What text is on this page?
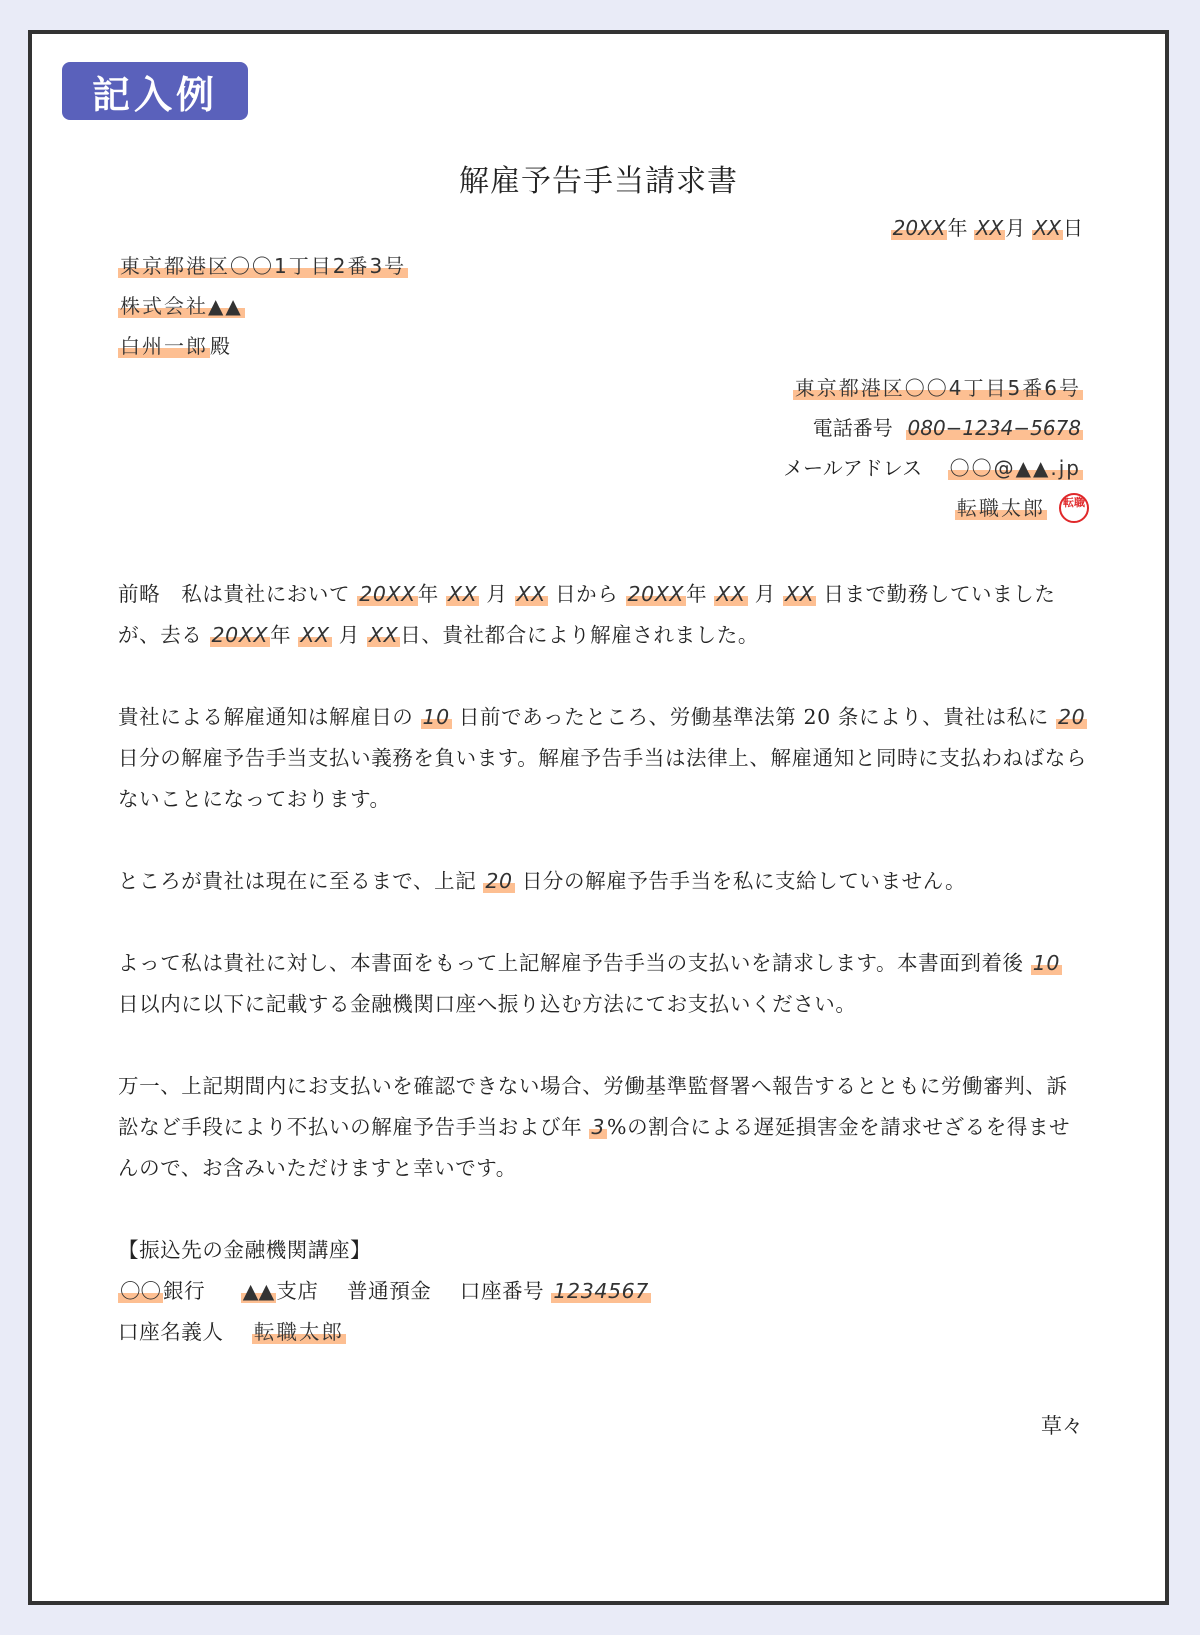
記入例
解雇予告手当請求書
20XX 年 XX 月 XX 日
東京都港区〇〇1丁目2番3号
株式会社▲▲
白州一郎 殿
東京都港区〇〇4丁目5番6号
電話番号 080−1234−5678
メールアドレス 〇〇@▲▲.jp
転職太郎 転職
前略　私は貴社において 20XX年 XX 月 XX 日から 20XX年 XX 月 XX 日まで勤務していましたが、去る 20XX年 XX 月 XX日、貴社都合により解雇されました。
貴社による解雇通知は解雇日の 10 日前であったところ、労働基準法第 20 条により、貴社は私に 20 日分の解雇予告手当支払い義務を負います。解雇予告手当は法律上、解雇通知と同時に支払わねばならないことになっております。
ところが貴社は現在に至るまで、上記 20 日分の解雇予告手当を私に支給していません。
よって私は貴社に対し、本書面をもって上記解雇予告手当の支払いを請求します。本書面到着後 10 日以内に以下に記載する金融機関口座へ振り込む方法にてお支払いください。
万一、上記期間内にお支払いを確認できない場合、労働基準監督署へ報告するとともに労働審判、訴訟など手段により不払いの解雇予告手当および年 3%の割合による遅延損害金を請求せざるを得ませんので、お含みいただけますと幸いです。
【振込先の金融機関講座】
〇〇銀行 ▲▲支店 普通預金 口座番号 1234567
口座名義人 転職太郎
草々
